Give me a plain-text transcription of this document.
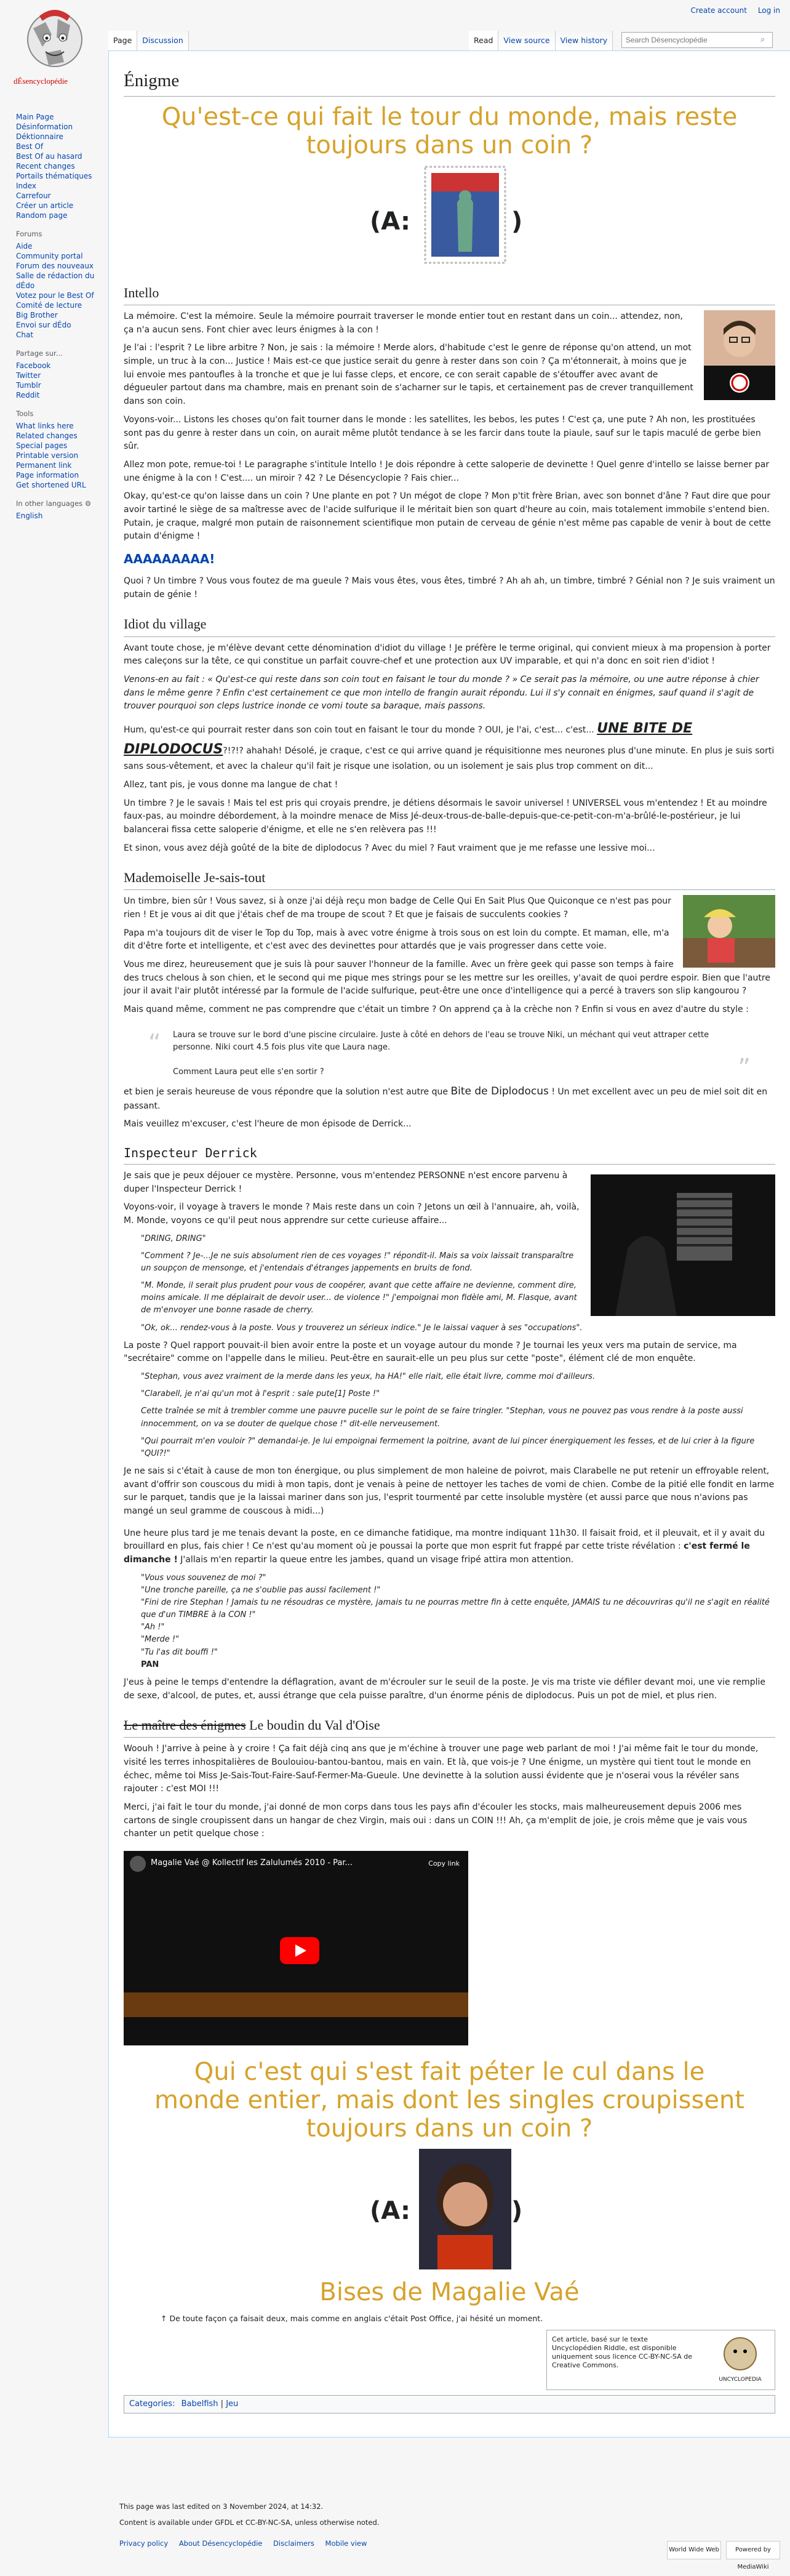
dÉsencyclopédie
Create account Log in
Page	Discussion	Read	View source	View history
Search Désencyclopédie	⌕
Main Page
Désinformation
Déktionnaire
Best Of
Best Of au hasard
Recent changes
Portails thématiques
Index
Carrefour
Créer un article
Random page
Forums
Aide
Community portal
Forum des nouveaux
Salle de rédaction du dÉdo
Votez pour le Best Of
Comité de lecture
Big Brother
Envoi sur dÉdo
Chat
Partage sur...
Facebook
Twitter
Tumblr
Reddit
Tools
What links here
Related changes
Special pages
Printable version
Permanent link
Page information
Get shortened URL
In other languages ⚙
English
Énigme
Qu'est-ce qui fait le tour du monde, mais reste toujours dans un coin ?
(A:	)
Intello

La mémoire. C'est la mémoire. Seule la mémoire pourrait traverser le monde entier tout en restant dans un coin... attendez, non, ça n'a aucun sens. Font chier avec leurs énigmes à la con !

Je l'ai : l'esprit ? Le libre arbitre ? Non, je sais : la mémoire ! Merde alors, d'habitude c'est le genre de réponse qu'on attend, un mot simple, un truc à la con... Justice ! Mais est-ce que justice serait du genre à rester dans son coin ? Ça m'étonnerait, à moins que je lui envoie mes pantoufles à la tronche et que je lui fasse cleps, et encore, ce con serait capable de s'étouffer avec avant de dégueuler partout dans ma chambre, mais en prenant soin de s'acharner sur le tapis, et certainement pas de crever tranquillement dans son coin.

Voyons-voir... Listons les choses qu'on fait tourner dans le monde : les satellites, les bebos, les putes ! C'est ça, une pute ? Ah non, les prostituées sont pas du genre à rester dans un coin, on aurait même plutôt tendance à se les farcir dans toute la piaule, sauf sur le tapis maculé de gerbe bien sûr.

Allez mon pote, remue-toi ! Le paragraphe s'intitule Intello ! Je dois répondre à cette saloperie de devinette ! Quel genre d'intello se laisse berner par une énigme à la con ! C'est.... un miroir ? 42 ? Le Désencyclopie ? Fais chier...

Okay, qu'est-ce qu'on laisse dans un coin ? Une plante en pot ? Un mégot de clope ? Mon p'tit frère Brian, avec son bonnet d'âne ? Faut dire que pour avoir tartiné le siège de sa maîtresse avec de l'acide sulfurique il le méritait bien son quart d'heure au coin, mais totalement immobile s'entend bien. Putain, je craque, malgré mon putain de raisonnement scientifique mon putain de cerveau de génie n'est même pas capable de venir à bout de cette putain d'énigme !

AAAAAAAAA!

Quoi ? Un timbre ? Vous vous foutez de ma gueule ? Mais vous êtes, vous êtes, timbré ? Ah ah ah, un timbre, timbré ? Génial non ? Je suis vraiment un putain de génie !

Idiot du village

Avant toute chose, je m'élève devant cette dénomination d'idiot du village ! Je préfère le terme original, qui convient mieux à ma propension à porter mes caleçons sur la tête, ce qui constitue un parfait couvre-chef et une protection aux UV imparable, et qui n'a donc en soit rien d'idiot !

Venons-en au fait : « Qu'est-ce qui reste dans son coin tout en faisant le tour du monde ? » Ce serait pas la mémoire, ou une autre réponse à chier dans le même genre ? Enfin c'est certainement ce que mon intello de frangin aurait répondu. Lui il s'y connait en énigmes, sauf quand il s'agit de trouver pourquoi son cleps lustrice inonde ce vomi toute sa baraque, mais passons.

Hum, qu'est-ce qui pourrait rester dans son coin tout en faisant le tour du monde ? OUI, je l'ai, c'est... c'est... UNE BITE DE DIPLODOCUS?!?!? ahahah! Désolé, je craque, c'est ce qui arrive quand je réquisitionne mes neurones plus d'une minute. En plus je suis sorti sans sous-vêtement, et avec la chaleur qu'il fait je risque une isolation, ou un isolement je sais plus trop comment on dit...

Allez, tant pis, je vous donne ma langue de chat !

Un timbre ? Je le savais ! Mais tel est pris qui croyais prendre, je détiens désormais le savoir universel ! UNIVERSEL vous m'entendez ! Et au moindre faux-pas, au moindre débordement, à la moindre menace de Miss Jé-deux-trous-de-balle-depuis-que-ce-petit-con-m'a-brûlé-le-postérieur, je lui balancerai fissa cette saloperie d'énigme, et elle ne s'en relèvera pas !!!

Et sinon, vous avez déjà goûté de la bite de diplodocus ? Avec du miel ? Faut vraiment que je me refasse une lessive moi...

Mademoiselle Je-sais-tout

Un timbre, bien sûr ! Vous savez, si à onze j'ai déjà reçu mon badge de Celle Qui En Sait Plus Que Quiconque ce n'est pas pour rien ! Et je vous ai dit que j'étais chef de ma troupe de scout ? Et que je faisais de succulents cookies ?

Papa m'a toujours dit de viser le Top du Top, mais à avec votre énigme à trois sous on est loin du compte. Et maman, elle, m'a dit d'être forte et intelligente, et c'est avec des devinettes pour attardés que je vais progresser dans cette voie.

Vous me direz, heureusement que je suis là pour sauver l'honneur de la famille. Avec un frère geek qui passe son temps à faire des trucs chelous à son chien, et le second qui me pique mes strings pour se les mettre sur les oreilles, y'avait de quoi perdre espoir. Bien que l'autre jour il avait l'air plutôt intéressé par la formule de l'acide sulfurique, peut-être une once d'intelligence qui a percé à travers son slip kangourou ?

Mais quand même, comment ne pas comprendre que c'était un timbre ? On apprend ça à la crèche non ? Enfin si vous en avez d'autre du style :

“ Laura se trouve sur le bord d'une piscine circulaire. Juste à côté en dehors de l'eau se trouve Niki, un méchant qui veut attraper cette personne. Niki court 4.5 fois plus vite que Laura nage.

Comment Laura peut elle s'en sortir ?	”

et bien je serais heureuse de vous répondre que la solution n'est autre que Bite de Diplodocus ! Un met excellent avec un peu de miel soit dit en passant.

Mais veuillez m'excuser, c'est l'heure de mon épisode de Derrick...

Inspecteur Derrick

Je sais que je peux déjouer ce mystère. Personne, vous m'entendez PERSONNE n'est encore parvenu à duper l'Inspecteur Derrick !

Voyons-voir, il voyage à travers le monde ? Mais reste dans un coin ? Jetons un œil à l'annuaire, ah, voilà, M. Monde, voyons ce qu'il peut nous apprendre sur cette curieuse affaire...

"DRING, DRING"

"Comment ? Je-...Je ne suis absolument rien de ces voyages !" répondit-il. Mais sa voix laissait transparaître un soupçon de mensonge, et j'entendais d'étranges jappements en bruits de fond.

"M. Monde, il serait plus prudent pour vous de coopérer, avant que cette affaire ne devienne, comment dire, moins amicale. Il me déplairait de devoir user... de violence !" j'empoignai mon fidèle ami, M. Flasque, avant de m'envoyer une bonne rasade de cherry.

"Ok, ok... rendez-vous à la poste. Vous y trouverez un sérieux indice." Je le laissai vaquer à ses "occupations".

La poste ? Quel rapport pouvait-il bien avoir entre la poste et un voyage autour du monde ? Je tournai les yeux vers ma putain de service, ma "secrétaire" comme on l'appelle dans le milieu. Peut-être en saurait-elle un peu plus sur cette "poste", élément clé de mon enquête.

"Stephan, vous avez vraiment de la merde dans les yeux, ha HA!" elle riait, elle était livre, comme moi d'ailleurs.

"Clarabell, je n'ai qu'un mot à l'esprit : sale pute[1] Poste !"

Cette traînée se mit à trembler comme une pauvre pucelle sur le point de se faire tringler. "Stephan, vous ne pouvez pas vous rendre à la poste aussi innocemment, on va se douter de quelque chose !" dit-elle nerveusement.

"Qui pourrait m'en vouloir ?" demandai-je. Je lui empoignai fermement la poitrine, avant de lui pincer énergiquement les fesses, et de lui crier à la figure "QUI?!"

Je ne sais si c'était à cause de mon ton énergique, ou plus simplement de mon haleine de poivrot, mais Clarabelle ne put retenir un effroyable relent, avant d'offrir son couscous du midi à mon tapis, dont je venais à peine de nettoyer les taches de vomi de chien. Combe de la pitié elle fondit en larme sur le parquet, tandis que je la laissai mariner dans son jus, l'esprit tourmenté par cette insoluble mystère (et aussi parce que nous n'avions pas mangé un seul gramme de couscous à midi...)

Une heure plus tard je me tenais devant la poste, en ce dimanche fatidique, ma montre indiquant 11h30. Il faisait froid, et il pleuvait, et il y avait du brouillard en plus, fais chier ! Ce n'est qu'au moment où je poussai la porte que mon esprit fut frappé par cette triste révélation : c'est fermé le dimanche ! J'allais m'en repartir la queue entre les jambes, quand un visage fripé attira mon attention.

"Vous vous souvenez de moi ?"

"Une tronche pareille, ça ne s'oublie pas aussi facilement !"

"Fini de rire Stephan ! Jamais tu ne résoudras ce mystère, jamais tu ne pourras mettre fin à cette enquête, JAMAIS tu ne découvriras qu'il ne s'agit en réalité que d'un TIMBRE à la CON !"

"Ah !"

"Merde !"

"Tu l'as dit bouffi !"

PAN

J'eus à peine le temps d'entendre la déflagration, avant de m'écrouler sur le seuil de la poste. Je vis ma triste vie défiler devant moi, une vie remplie de sexe, d'alcool, de putes, et, aussi étrange que cela puisse paraître, d'un énorme pénis de diplodocus. Puis un pot de miel, et plus rien.

Le maître des énigmes Le boudin du Val d'Oise

Woouh ! J'arrive à peine à y croire ! Ça fait déjà cinq ans que je m'échine à trouver une page web parlant de moi ! J'ai même fait le tour du monde, visité les terres inhospitalières de Boulouiou-bantou-bantou, mais en vain. Et là, que vois-je ? Une énigme, un mystère qui tient tout le monde en échec, même toi Miss Je-Sais-Tout-Faire-Sauf-Fermer-Ma-Gueule. Une devinette à la solution aussi évidente que je n'oserai vous la révéler sans rajouter : c'est MOI !!!

Merci, j'ai fait le tour du monde, j'ai donné de mon corps dans tous les pays afin d'écouler les stocks, mais malheureusement depuis 2006 mes cartons de single croupissent dans un hangar de chez Virgin, mais oui : dans un COIN !!! Ah, ça m'emplit de joie, je crois même que je vais vous chanter un petit quelque chose :

Magalie Vaé @ Kollectif les Zalulumés 2010 - Par...	Copy link
Qui c'est qui s'est fait péter le cul dans le monde entier, mais dont les singles croupissent toujours dans un coin ?
(A:	)
Bises de Magalie Vaé
↑ De toute façon ça faisait deux, mais comme en anglais c'était Post Office, j'ai hésité un moment.
Cet article, basé sur le texte Uncyclopédien Riddle, est disponible uniquement sous licence CC-BY-NC-SA de Creative Commons.
UNCYCLOPEDIA
Categories: Babelfish | Jeu
This page was last edited on 3 November 2024, at 14:32.
Content is available under GFDL et CC-BY-NC-SA, unless otherwise noted.
Privacy policy About Désencyclopédie Disclaimers Mobile view
World Wide Web	Powered by MediaWiki
